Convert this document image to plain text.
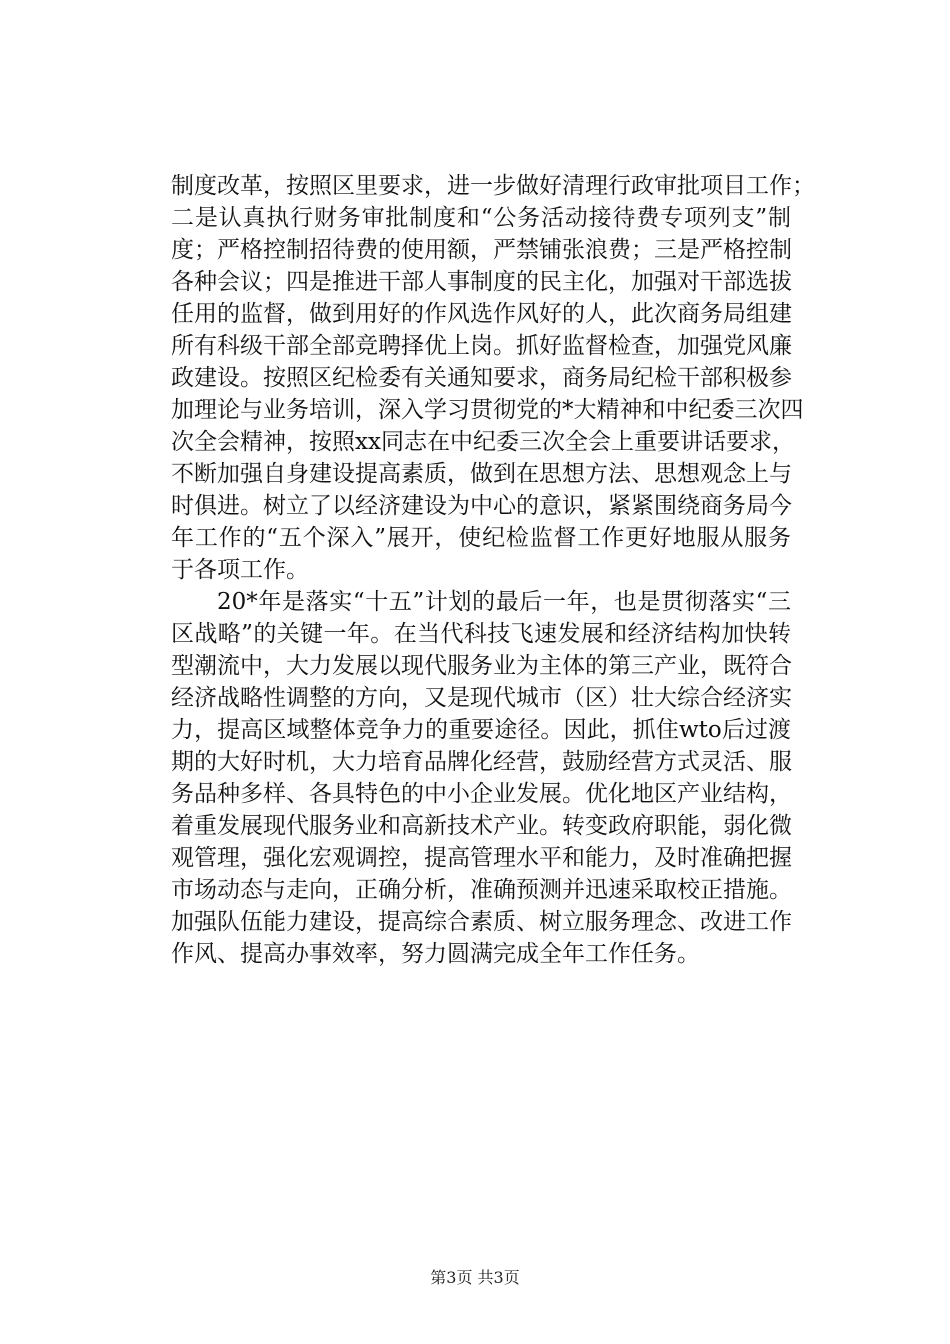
制度改革，按照区里要求，进一步做好清理行政审批项目工作；
二是认真执行财务审批制度和“公务活动接待费专项列支”制
度；严格控制招待费的使用额，严禁铺张浪费；三是严格控制
各种会议；四是推进干部人事制度的民主化，加强对干部选拔
任用的监督，做到用好的作风选作风好的人，此次商务局组建
所有科级干部全部竞聘择优上岗。抓好监督检查，加强党风廉
政建设。按照区纪检委有关通知要求，商务局纪检干部积极参
加理论与业务培训，深入学习贯彻党的*大精神和中纪委三次四
次全会精神，按照xx同志在中纪委三次全会上重要讲话要求，
不断加强自身建设提高素质，做到在思想方法、思想观念上与
时俱进。树立了以经济建设为中心的意识，紧紧围绕商务局今
年工作的“五个深入”展开，使纪检监督工作更好地服从服务
于各项工作。
20*年是落实“十五”计划的最后一年，也是贯彻落实“三
区战略”的关键一年。在当代科技飞速发展和经济结构加快转
型潮流中，大力发展以现代服务业为主体的第三产业，既符合
经济战略性调整的方向，又是现代城市（区）壮大综合经济实
力，提高区域整体竞争力的重要途径。因此，抓住wto后过渡
期的大好时机，大力培育品牌化经营，鼓励经营方式灵活、服
务品种多样、各具特色的中小企业发展。优化地区产业结构，
着重发展现代服务业和高新技术产业。转变政府职能，弱化微
观管理，强化宏观调控，提高管理水平和能力，及时准确把握
市场动态与走向，正确分析，准确预测并迅速采取校正措施。
加强队伍能力建设，提高综合素质、树立服务理念、改进工作
作风、提高办事效率，努力圆满完成全年工作任务。
第3页 共3页
